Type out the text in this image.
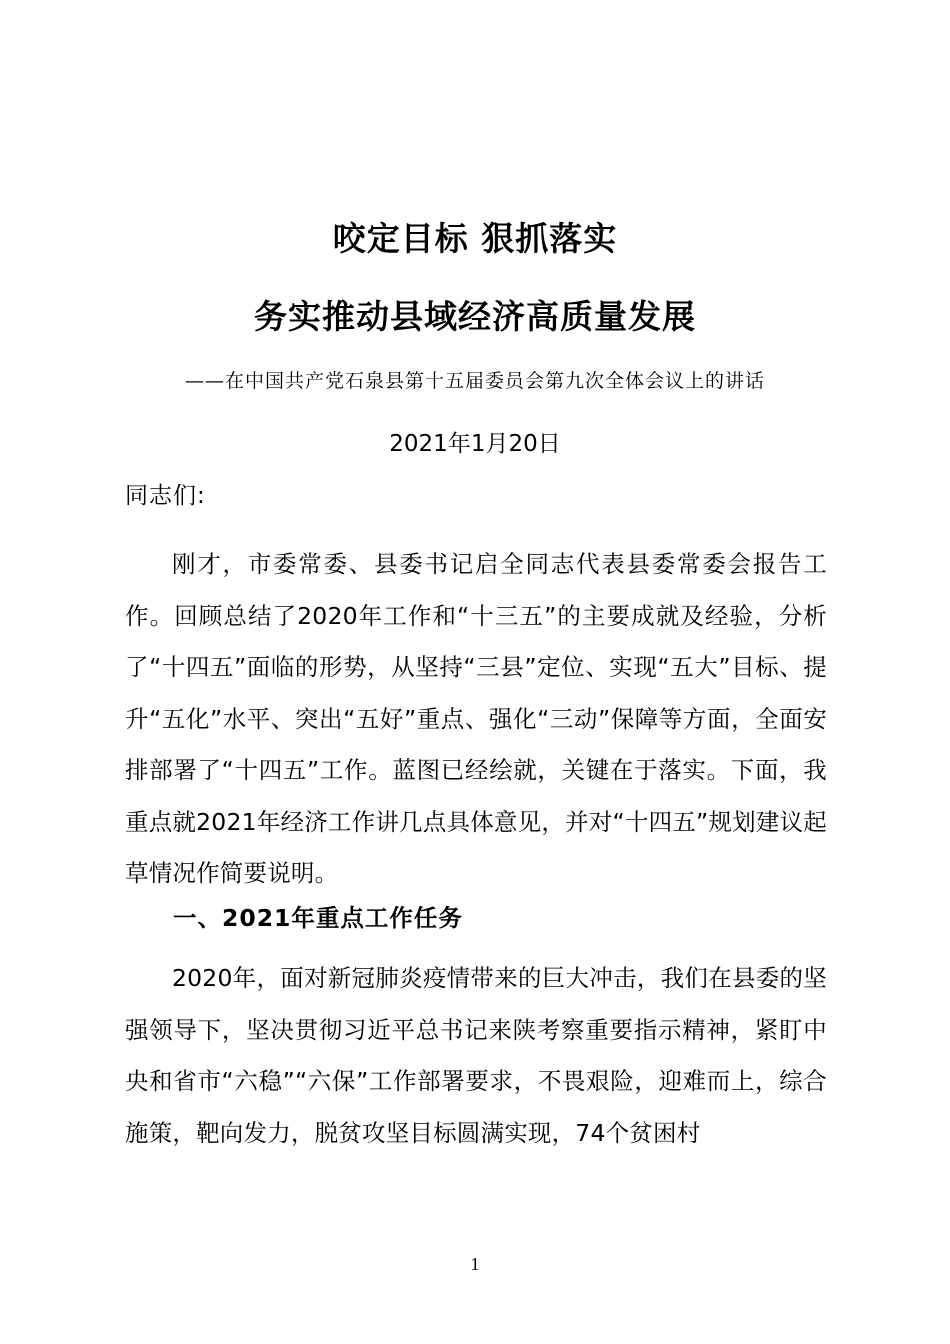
咬定目标 狠抓落实
务实推动县域经济高质量发展
——在中国共产党石泉县第十五届委员会第九次全体会议上的讲话
2021年1月20日
同志们:

刚才，市委常委、县委书记启全同志代表县委常委会报告工作。回顾总结了2020年工作和“十三五”的主要成就及经验，分析了“十四五”面临的形势，从坚持“三县”定位、实现“五大”目标、提升“五化”水平、突出“五好”重点、强化“三动”保障等方面，全面安排部署了“十四五”工作。蓝图已经绘就，关键在于落实。下面，我重点就2021年经济工作讲几点具体意见，并对“十四五”规划建议起草情况作简要说明。

一、2021年重点工作任务

2020年，面对新冠肺炎疫情带来的巨大冲击，我们在县委的坚强领导下，坚决贯彻习近平总书记来陕考察重要指示精神，紧盯中央和省市“六稳”“六保”工作部署要求，不畏艰险，迎难而上，综合施策，靶向发力，脱贫攻坚目标圆满实现，74个贫困村

1
